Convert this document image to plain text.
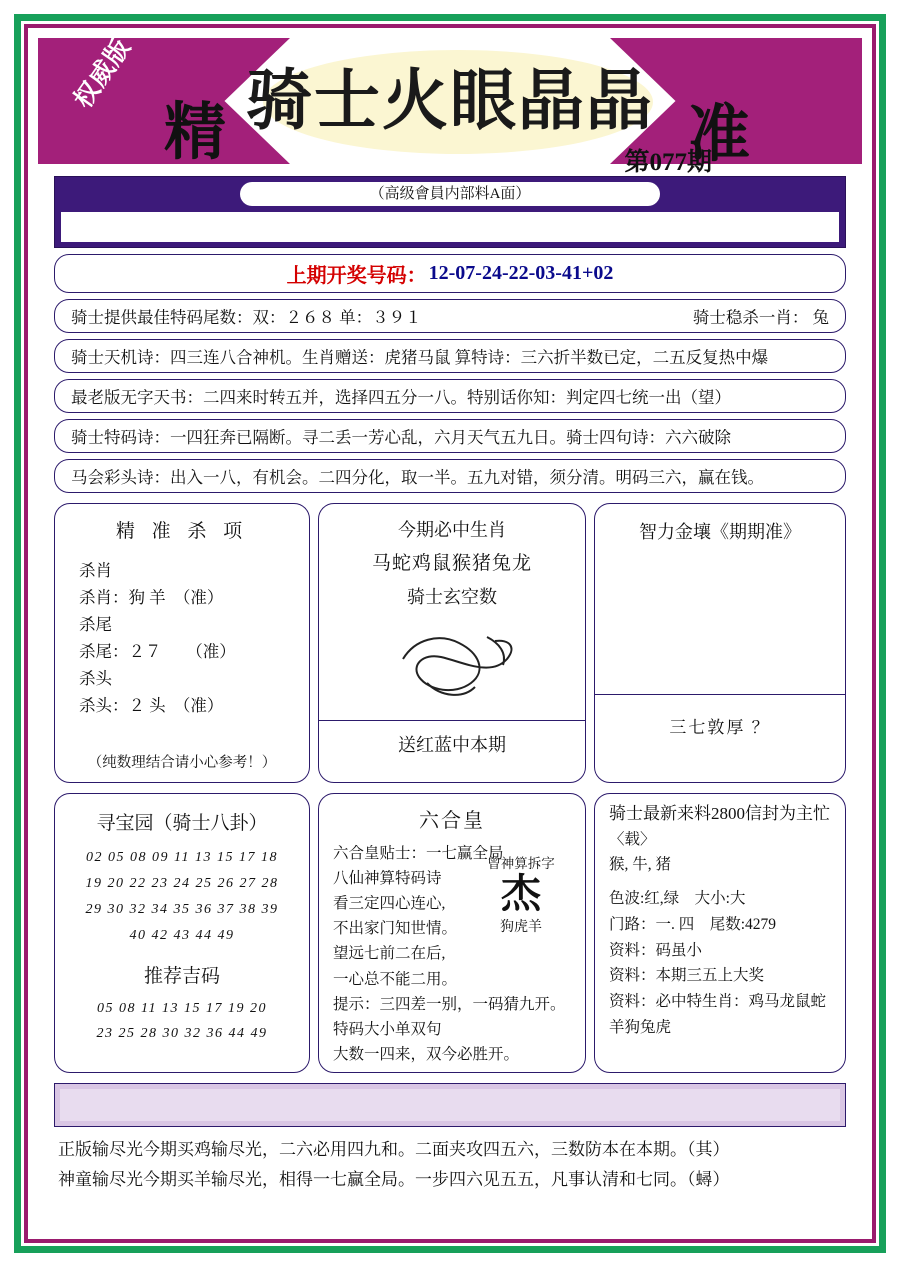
权威版	骑士火眼晶晶
精	准
第077期
（高级會員内部料A面）
上期开奖号码： 12-07-24-22-03-41+02
骑士提供最佳特码尾数：双：２６８ 单：３９１	骑士稳杀一肖： 兔
骑士天机诗：四三连八合神机。生肖赠送：虎猪马鼠 算特诗：三六折半数已定，二五反复热中爆
最老版无字天书：二四来时转五并，选择四五分一八。特别话你知：判定四七统一出（望）
骑士特码诗：一四狂奔已隔断。寻二丢一芳心乱，六月天气五九日。骑士四句诗：六六破除
马会彩头诗：出入一八，有机会。二四分化，取一半。五九对错，须分清。明码三六，赢在钱。
精 准 杀 项
杀肖
杀肖：狗 羊　（准）
杀尾
杀尾：２７　　（准）
杀头
杀头：２ 头　（准）
（纯数理结合请小心参考！）
今期必中生肖
马蛇鸡鼠猴猪兔龙
骑士玄空数
送红蓝中本期
智力金壤《期期准》
三七敦厚 ？
寻宝园（骑士八卦）
02 05 08 09 11 13 15 17 18
19 20 22 23 24 25 26 27 28
29 30 32 34 35 36 37 38 39
40 42 43 44 49
推荐吉码
05 08 11 13 15 17 19 20
23 25 28 30 32 36 44 49
六合皇
六合皇贴士：一七赢全局
八仙神算特码诗
看三定四心连心,
不出家门知世情。
望远七前二在后,
一心总不能二用。
提示：三四差一别，一码猜九开。
特码大小单双句
大数一四来，双今必胜开。
曾神算拆字
杰
狗虎羊
骑士最新来料2800信封为主忙
〈载〉
猴, 牛, 猪
色波:红,绿　大小:大
门路：一. 四　尾数:4279
资料：码虽小
资料：本期三五上大奖
资料：必中特生肖：鸡马龙鼠蛇羊狗兔虎
正版输尽光今期买鸡输尽光，二六必用四九和。二面夹攻四五六，三数防本在本期。（其）
神童输尽光今期买羊输尽光，相得一七赢全局。一步四六见五五，凡事认清和七同。（蟳）
